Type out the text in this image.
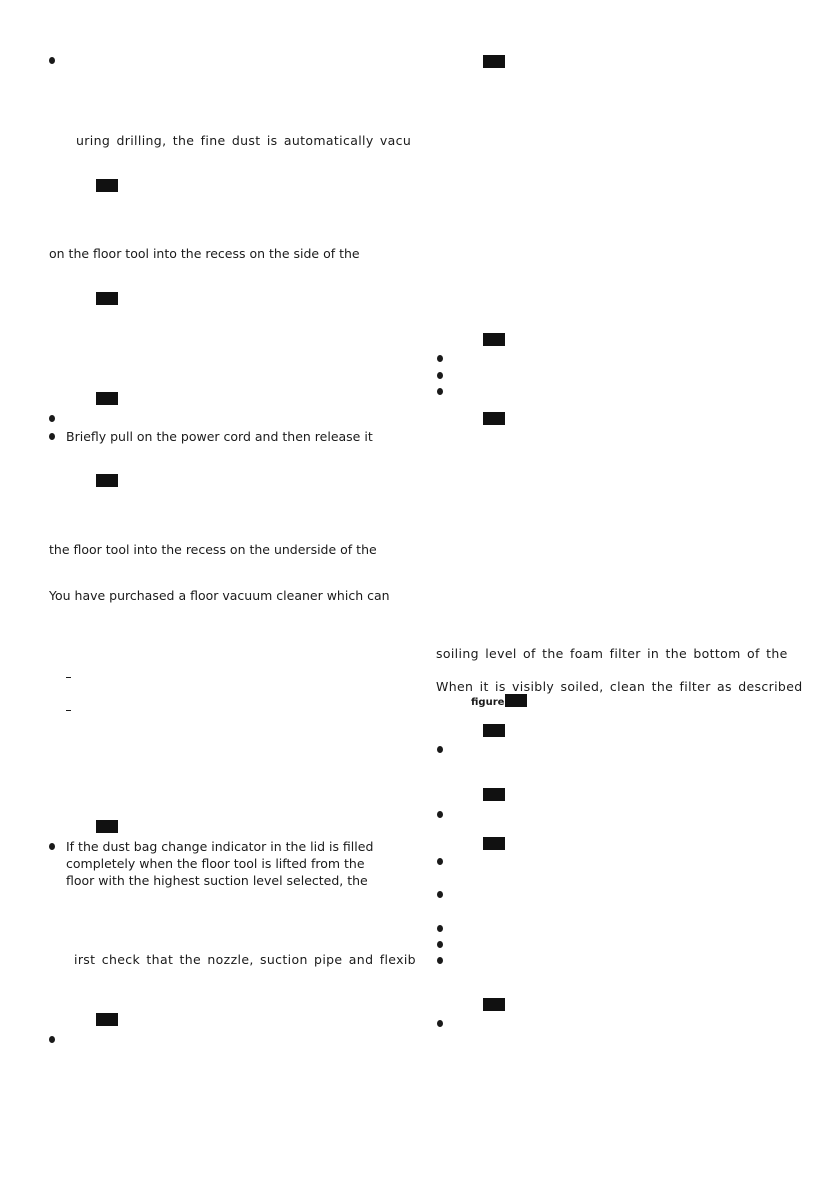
uring drilling, the fine dust is automatically vacu
on the floor tool into the recess on the side of the
Briefly pull on the power cord and then release it
the floor tool into the recess on the underside of the
You have purchased a floor vacuum cleaner which can
If the dust bag change indicator in the lid is filled
completely when the floor tool is lifted from the
floor with the highest suction level selected, the
irst check that the nozzle, suction pipe and flexib
soiling level of the foam filter in the bottom of the
When it is visibly soiled, clean the filter as described
figure
